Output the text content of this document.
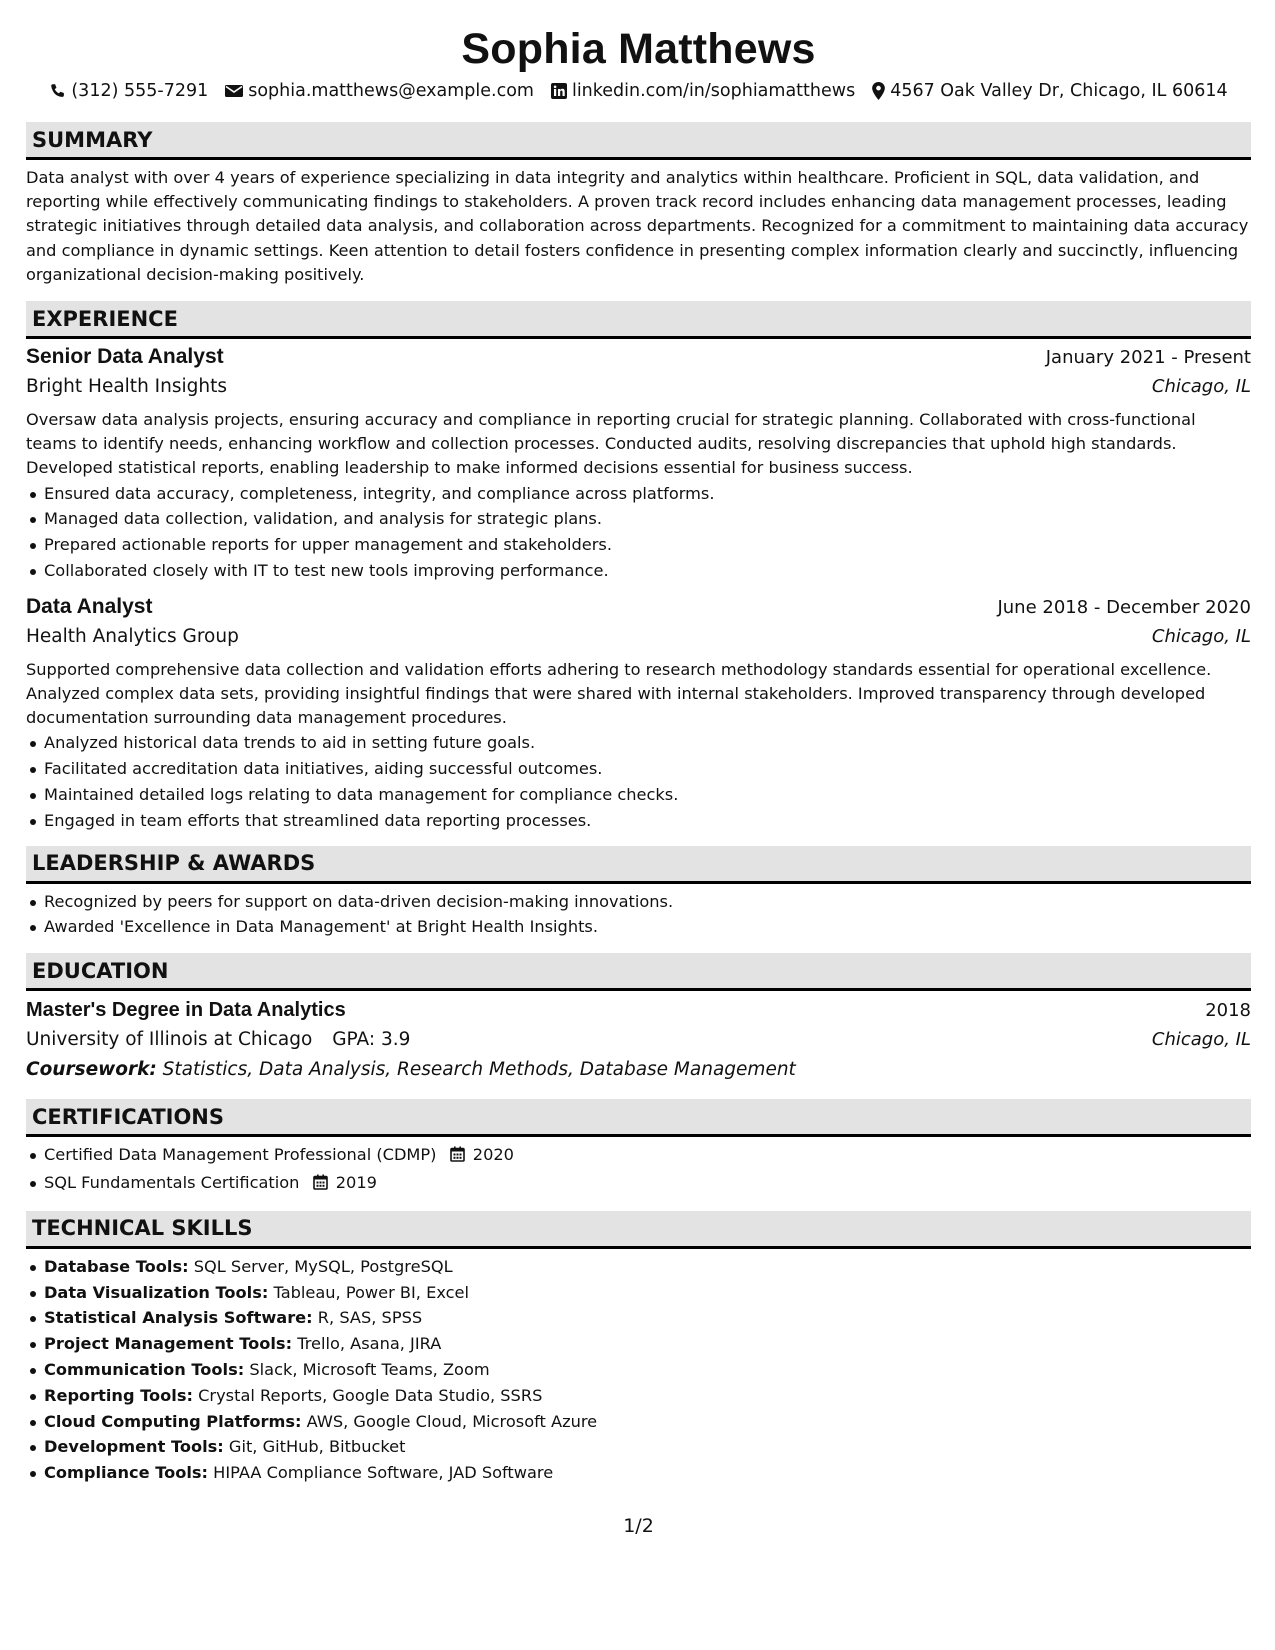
Sophia Matthews
(312) 555-7291 sophia.matthews@example.com linkedin.com/in/sophiamatthews 4567 Oak Valley Dr, Chicago, IL 60614
SUMMARY

Data analyst with over 4 years of experience specializing in data integrity and analytics within healthcare. Proficient in SQL, data validation, and reporting while effectively communicating findings to stakeholders. A proven track record includes enhancing data management processes, leading strategic initiatives through detailed data analysis, and collaboration across departments. Recognized for a commitment to maintaining data accuracy and compliance in dynamic settings. Keen attention to detail fosters confidence in presenting complex information clearly and succinctly, influencing organizational decision-making positively.

EXPERIENCE
Senior Data Analyst	January 2021 - Present
Bright Health Insights	Chicago, IL

Oversaw data analysis projects, ensuring accuracy and compliance in reporting crucial for strategic planning. Collaborated with cross-functional teams to identify needs, enhancing workflow and collection processes. Conducted audits, resolving discrepancies that uphold high standards. Developed statistical reports, enabling leadership to make informed decisions essential for business success.

Ensured data accuracy, completeness, integrity, and compliance across platforms.
Managed data collection, validation, and analysis for strategic plans.
Prepared actionable reports for upper management and stakeholders.
Collaborated closely with IT to test new tools improving performance.
Data Analyst	June 2018 - December 2020
Health Analytics Group	Chicago, IL

Supported comprehensive data collection and validation efforts adhering to research methodology standards essential for operational excellence. Analyzed complex data sets, providing insightful findings that were shared with internal stakeholders. Improved transparency through developed documentation surrounding data management procedures.

Analyzed historical data trends to aid in setting future goals.
Facilitated accreditation data initiatives, aiding successful outcomes.
Maintained detailed logs relating to data management for compliance checks.
Engaged in team efforts that streamlined data reporting processes.
LEADERSHIP & AWARDS
Recognized by peers for support on data-driven decision-making innovations.
Awarded 'Excellence in Data Management' at Bright Health Insights.
EDUCATION
Master's Degree in Data Analytics	2018
University of Illinois at Chicago GPA: 3.9	Chicago, IL
Coursework: Statistics, Data Analysis, Research Methods, Database Management
CERTIFICATIONS
Certified Data Management Professional (CDMP) 2020
SQL Fundamentals Certification 2019
TECHNICAL SKILLS
Database Tools: SQL Server, MySQL, PostgreSQL
Data Visualization Tools: Tableau, Power BI, Excel
Statistical Analysis Software: R, SAS, SPSS
Project Management Tools: Trello, Asana, JIRA
Communication Tools: Slack, Microsoft Teams, Zoom
Reporting Tools: Crystal Reports, Google Data Studio, SSRS
Cloud Computing Platforms: AWS, Google Cloud, Microsoft Azure
Development Tools: Git, GitHub, Bitbucket
Compliance Tools: HIPAA Compliance Software, JAD Software
1/2
